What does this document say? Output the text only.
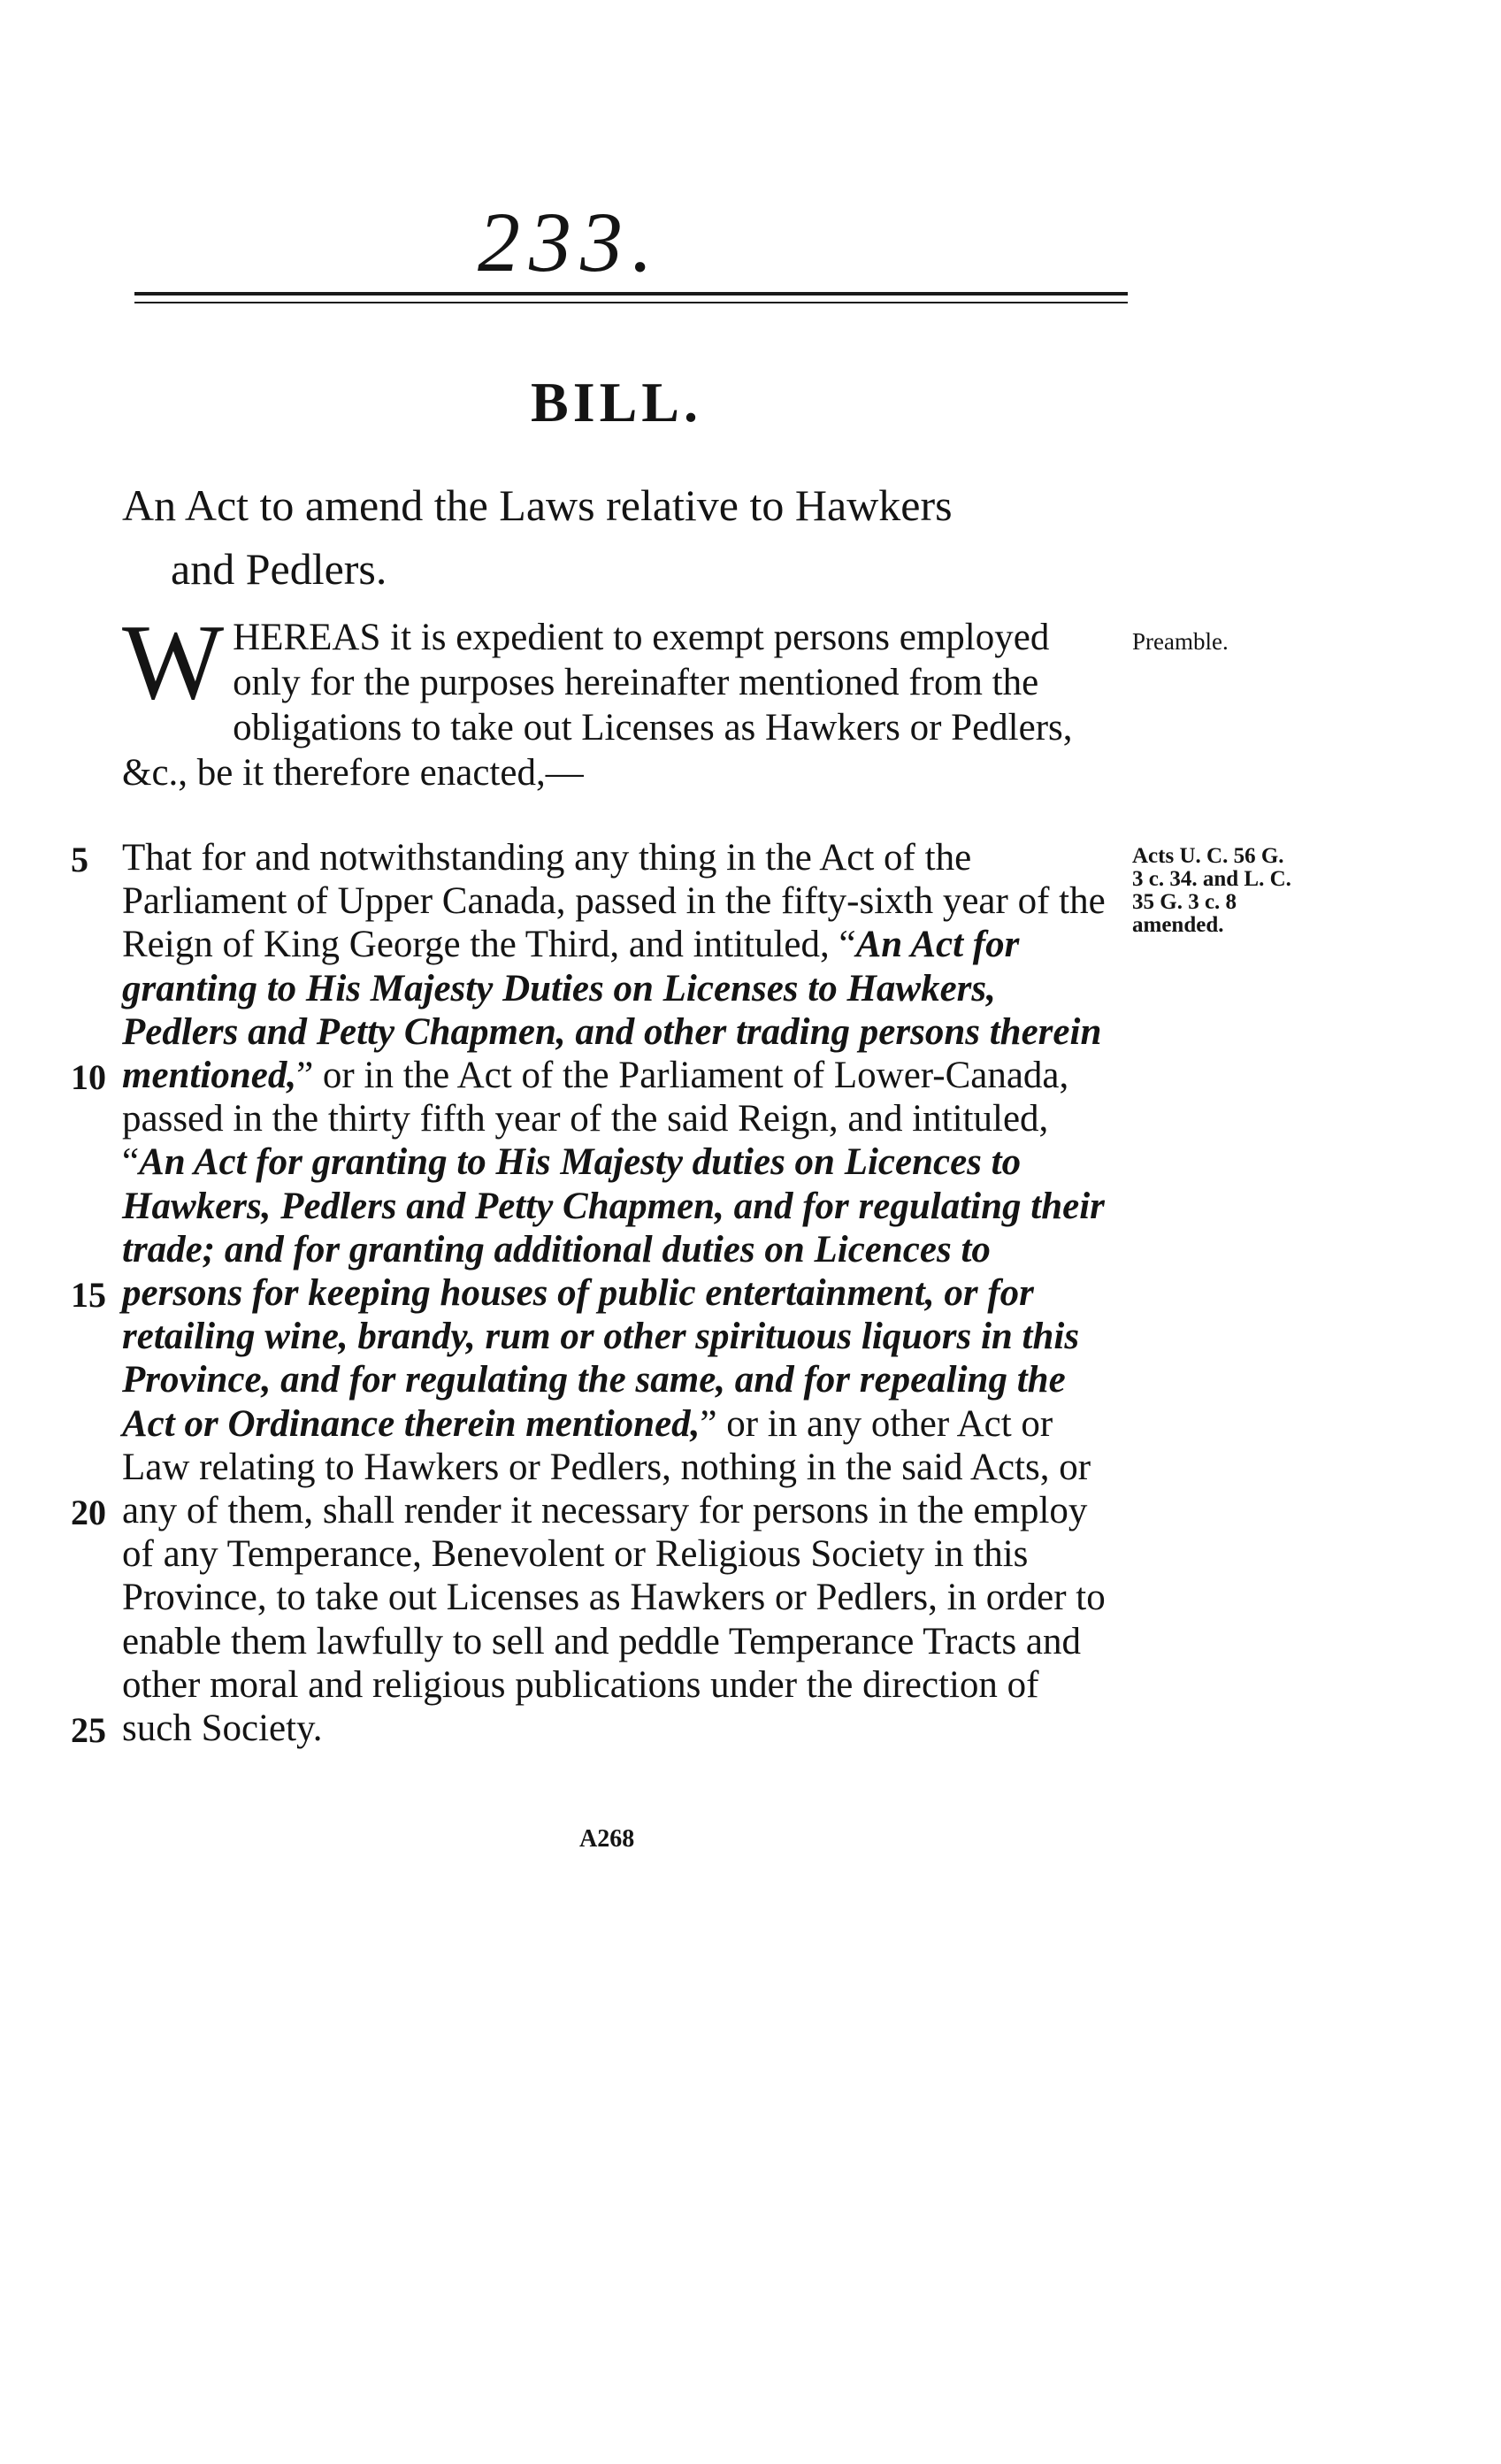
233.
BILL.
An Act to amend the Laws relative to Hawkers
and Pedlers.
W HEREAS it is expedient to exempt persons employed only for the purposes hereinafter mentioned from the obligations to take out Licenses as Hawkers or Pedlers, &c., be it therefore enacted,—
Preamble.
That for and notwithstanding any thing in the Act of the Parliament of Upper Canada, passed in the fifty-sixth year of the Reign of King George the Third, and intituled, “An Act for granting to His Majesty Duties on Licenses to Hawkers, Pedlers and Petty Chapmen, and other trading persons therein mentioned,” or in the Act of the Parliament of Lower-Canada, passed in the thirty fifth year of the said Reign, and intituled, “An Act for granting to His Majesty duties on Licences to Hawkers, Pedlers and Petty Chapmen, and for regulating their trade; and for granting additional duties on Licences to persons for keeping houses of public entertainment, or for retailing wine, brandy, rum or other spirituous liquors in this Province, and for regulating the same, and for repealing the Act or Ordinance therein mentioned,” or in any other Act or Law relating to Hawkers or Pedlers, nothing in the said Acts, or any of them, shall render it necessary for persons in the employ of any Temperance, Benevolent or Religious Society in this Province, to take out Licenses as Hawkers or Pedlers, in order to enable them lawfully to sell and peddle Temperance Tracts and other moral and religious publications under the direction of such Society.
Acts U. C. 56 G. 3 c. 34. and L. C. 35 G. 3 c. 8 amended.
5
10
15
20
25
A268
